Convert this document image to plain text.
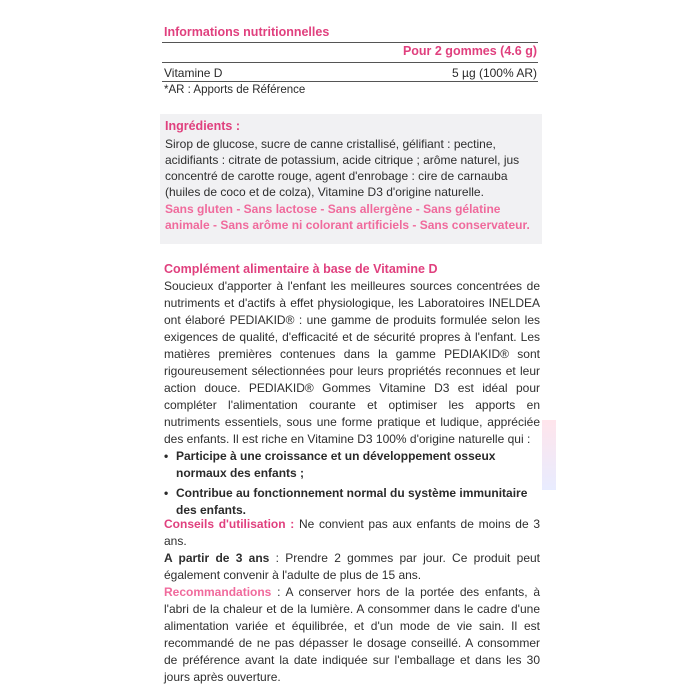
Informations nutritionnelles
Pour 2 gommes (4.6 g)
Vitamine D	5 µg (100% AR)
*AR : Apports de Référence
Ingrédients :
Sirop de glucose, sucre de canne cristallisé, gélifiant : pectine, acidifiants : citrate de potassium, acide citrique ; arôme naturel, jus concentré de carotte rouge, agent d'enrobage : cire de carnauba (huiles de coco et de colza), Vitamine D3 d'origine naturelle.
Sans gluten - Sans lactose - Sans allergène - Sans gélatine animale - Sans arôme ni colorant artificiels - Sans conservateur.
Complément alimentaire à base de Vitamine D
Soucieux d'apporter à l'enfant les meilleures sources concentrées de nutriments et d'actifs à effet physiologique, les Laboratoires INELDEA ont élaboré PEDIAKID® : une gamme de produits formulée selon les exigences de qualité, d'efficacité et de sécurité propres à l'enfant. Les matières premières contenues dans la gamme PEDIAKID® sont rigoureusement sélectionnées pour leurs propriétés reconnues et leur action douce. PEDIAKID® Gommes Vitamine D3 est idéal pour compléter l'alimentation courante et optimiser les apports en nutriments essentiels, sous une forme pratique et ludique, appréciée des enfants. Il est riche en Vitamine D3 100% d'origine naturelle qui :
• Participe à une croissance et un développement osseux normaux des enfants ;
• Contribue au fonctionnement normal du système immunitaire des enfants.
Conseils d'utilisation : Ne convient pas aux enfants de moins de 3 ans.
A partir de 3 ans : Prendre 2 gommes par jour. Ce produit peut également convenir à l'adulte de plus de 15 ans.
Recommandations : A conserver hors de la portée des enfants, à l'abri de la chaleur et de la lumière. A consommer dans le cadre d'une alimentation variée et équilibrée, et d'un mode de vie sain. Il est recommandé de ne pas dépasser le dosage conseillé. A consommer de préférence avant la date indiquée sur l'emballage et dans les 30 jours après ouverture.
